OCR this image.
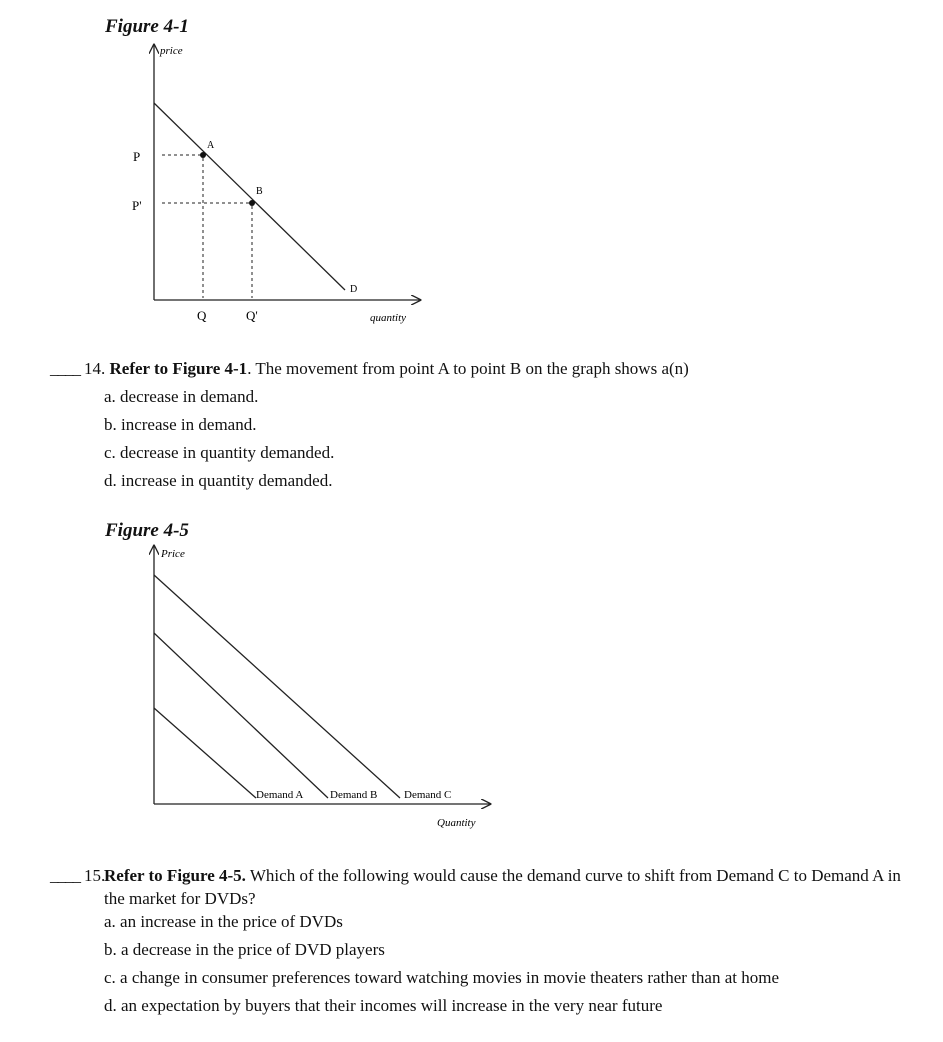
Figure 4-1
price
quantity
A
B
D
P
P'
Q	Q'
____ 14. Refer to Figure 4-1. The movement from point A to point B on the graph shows a(n)
a. decrease in demand.
b. increase in demand.
c. decrease in quantity demanded.
d. increase in quantity demanded.
Figure 4-5
Price
Quantity
Demand A Demand B Demand C
____ 15.
Refer to Figure 4-5. Which of the following would cause the demand curve to shift from Demand C to Demand A in the market for DVDs?
a. an increase in the price of DVDs
b. a decrease in the price of DVD players
c. a change in consumer preferences toward watching movies in movie theaters rather than at home
d. an expectation by buyers that their incomes will increase in the very near future
